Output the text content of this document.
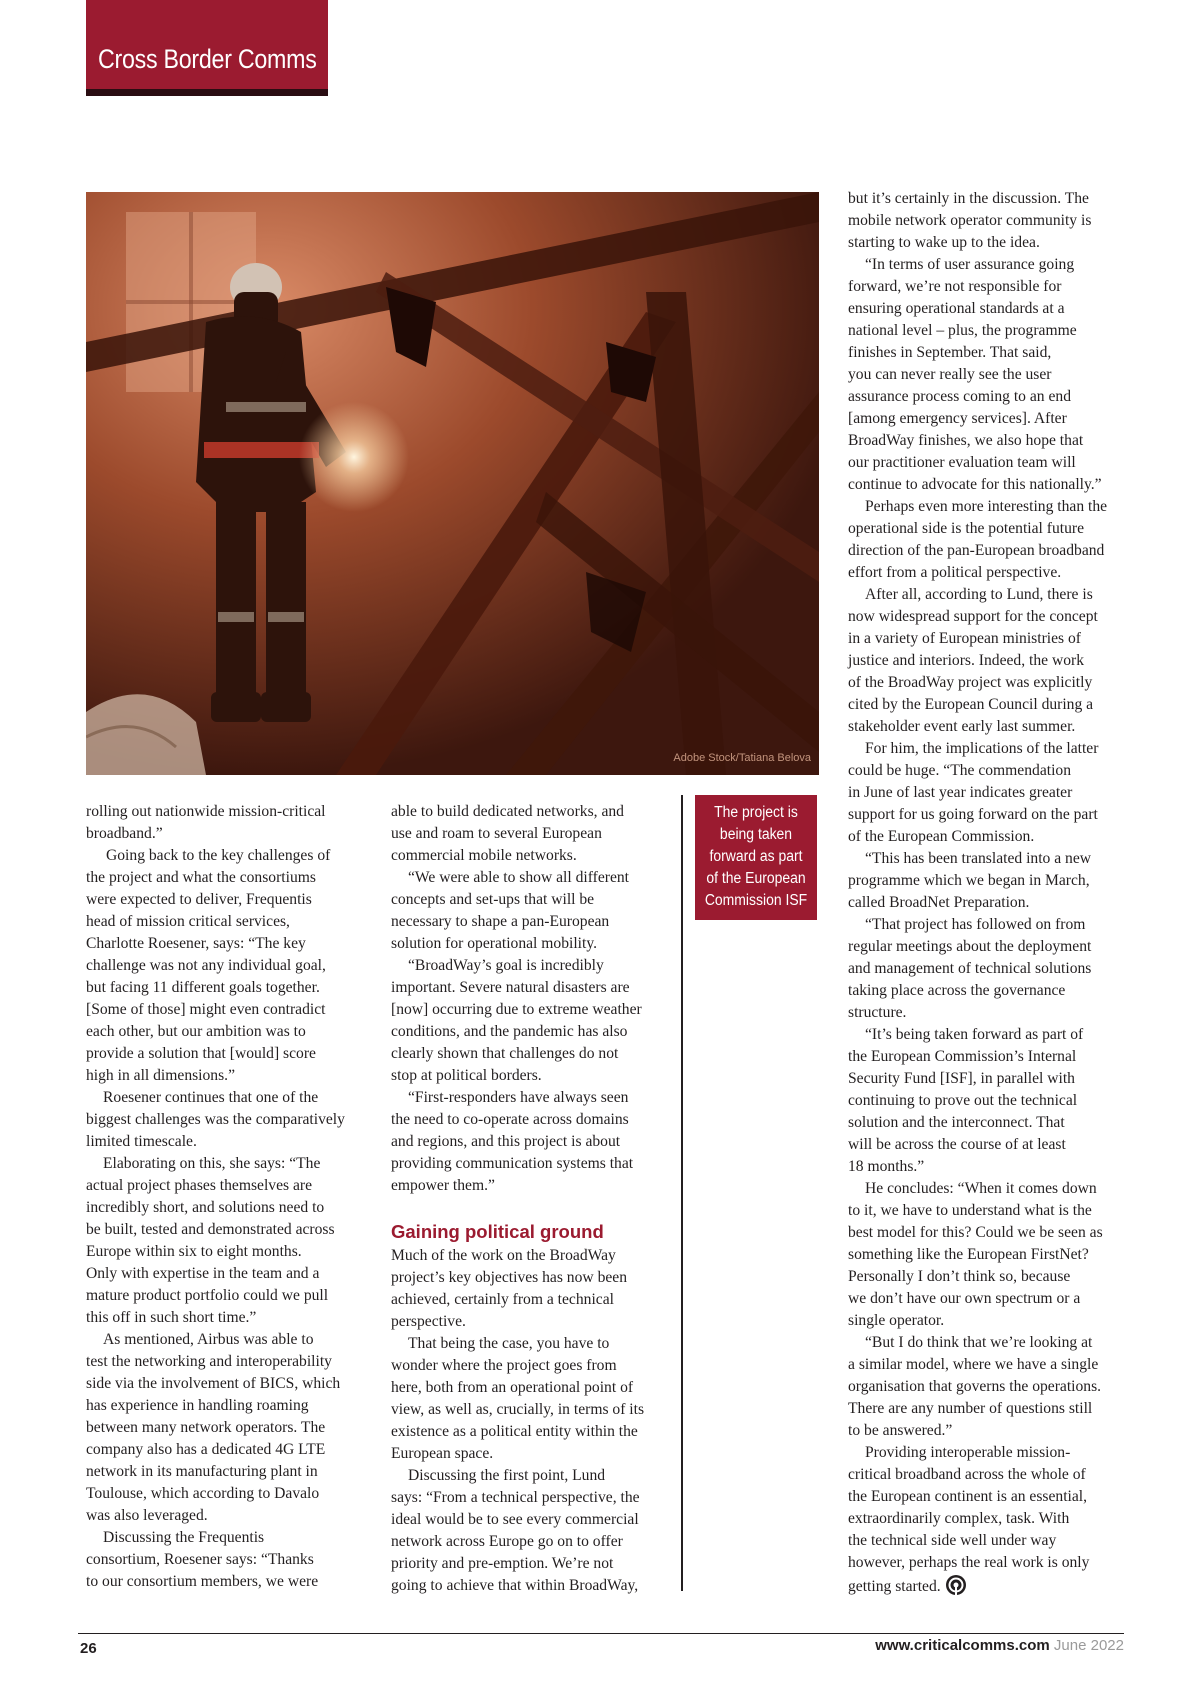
Cross Border Comms
Adobe Stock/Tatiana Belova

rolling out nationwide mission-critical
broadband.”

Going back to the key challenges of
the project and what the consortiums
were expected to deliver, Frequentis
head of mission critical services,
Charlotte Roesener, says: “The key
challenge was not any individual goal,
but facing 11 different goals together.
[Some of those] might even contradict
each other, but our ambition was to
provide a solution that [would] score
high in all dimensions.”

Roesener continues that one of the
biggest challenges was the comparatively
limited timescale.

Elaborating on this, she says: “The
actual project phases themselves are
incredibly short, and solutions need to
be built, tested and demonstrated across
Europe within six to eight months.
Only with expertise in the team and a
mature product portfolio could we pull
this off in such short time.”

As mentioned, Airbus was able to
test the networking and interoperability
side via the involvement of BICS, which
has experience in handling roaming
between many network operators. The
company also has a dedicated 4G LTE
network in its manufacturing plant in
Toulouse, which according to Davalo
was also leveraged.

Discussing the Frequentis
consortium, Roesener says: “Thanks
to our consortium members, we were

able to build dedicated networks, and
use and roam to several European
commercial mobile networks.

“We were able to show all different
concepts and set-ups that will be
necessary to shape a pan-European
solution for operational mobility.

“BroadWay’s goal is incredibly
important. Severe natural disasters are
[now] occurring due to extreme weather
conditions, and the pandemic has also
clearly shown that challenges do not
stop at political borders.

“First-responders have always seen
the need to co-operate across domains
and regions, and this project is about
providing communication systems that
empower them.”

Gaining political ground

Much of the work on the BroadWay
project’s key objectives has now been
achieved, certainly from a technical
perspective.

That being the case, you have to
wonder where the project goes from
here, both from an operational point of
view, as well as, crucially, in terms of its
existence as a political entity within the
European space.

Discussing the first point, Lund
says: “From a technical perspective, the
ideal would be to see every commercial
network across Europe go on to offer
priority and pre-emption. We’re not
going to achieve that within BroadWay,

The project is
being taken
forward as part
of the European
Commission ISF

but it’s certainly in the discussion. The
mobile network operator community is
starting to wake up to the idea.

“In terms of user assurance going
forward, we’re not responsible for
ensuring operational standards at a
national level – plus, the programme
finishes in September. That said,
you can never really see the user
assurance process coming to an end
[among emergency services]. After
BroadWay finishes, we also hope that
our practitioner evaluation team will
continue to advocate for this nationally.”

Perhaps even more interesting than the
operational side is the potential future
direction of the pan-European broadband
effort from a political perspective.

After all, according to Lund, there is
now widespread support for the concept
in a variety of European ministries of
justice and interiors. Indeed, the work
of the BroadWay project was explicitly
cited by the European Council during a
stakeholder event early last summer.

For him, the implications of the latter
could be huge. “The commendation
in June of last year indicates greater
support for us going forward on the part
of the European Commission.

“This has been translated into a new
programme which we began in March,
called BroadNet Preparation.

“That project has followed on from
regular meetings about the deployment
and management of technical solutions
taking place across the governance
structure.

“It’s being taken forward as part of
the European Commission’s Internal
Security Fund [ISF], in parallel with
continuing to prove out the technical
solution and the interconnect. That
will be across the course of at least
18 months.”

He concludes: “When it comes down
to it, we have to understand what is the
best model for this? Could we be seen as
something like the European FirstNet?
Personally I don’t think so, because
we don’t have our own spectrum or a
single operator.

“But I do think that we’re looking at
a similar model, where we have a single
organisation that governs the operations.
There are any number of questions still
to be answered.”

Providing interoperable mission-
critical broadband across the whole of
the European continent is an essential,
extraordinarily complex, task. With
the technical side well under way
however, perhaps the real work is only
getting started.

26	www.criticalcomms.com June 2022
